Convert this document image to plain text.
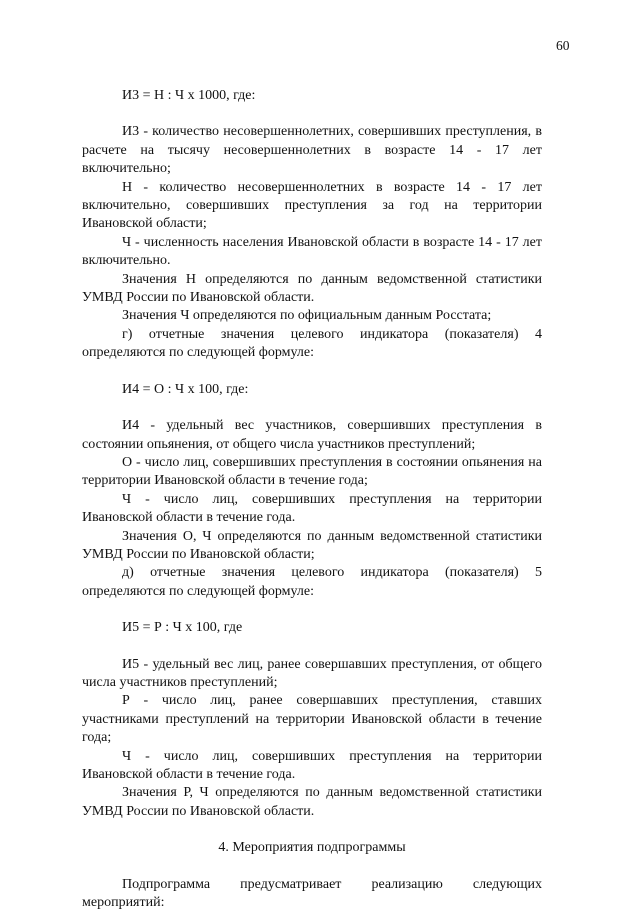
60

И3 = Н : Ч х 1000, где:

И3 - количество несовершеннолетних, совершивших преступления, в расчете на тысячу несовершеннолетних в возрасте 14 - 17 лет включительно;

Н - количество несовершеннолетних в возрасте 14 - 17 лет включительно, совершивших преступления за год на территории Ивановской области;

Ч - численность населения Ивановской области в возрасте 14 - 17 лет включительно.

Значения Н определяются по данным ведомственной статистики УМВД России по Ивановской области.

Значения Ч определяются по официальным данным Росстата;

г) отчетные значения целевого индикатора (показателя) 4 определяются по следующей формуле:

И4 = О : Ч х 100, где:

И4 - удельный вес участников, совершивших преступления в состоянии опьянения, от общего числа участников преступлений;

О - число лиц, совершивших преступления в состоянии опьянения на территории Ивановской области в течение года;

Ч - число лиц, совершивших преступления на территории Ивановской области в течение года.

Значения О, Ч определяются по данным ведомственной статистики УМВД России по Ивановской области;

д) отчетные значения целевого индикатора (показателя) 5 определяются по следующей формуле:

И5 = Р : Ч х 100, где

И5 - удельный вес лиц, ранее совершавших преступления, от общего числа участников преступлений;

Р - число лиц, ранее совершавших преступления, ставших участниками преступлений на территории Ивановской области в течение года;

Ч - число лиц, совершивших преступления на территории Ивановской области в течение года.

Значения Р, Ч определяются по данным ведомственной статистики УМВД России по Ивановской области.

4. Мероприятия подпрограммы

Подпрограмма предусматривает реализацию следующих мероприятий:
